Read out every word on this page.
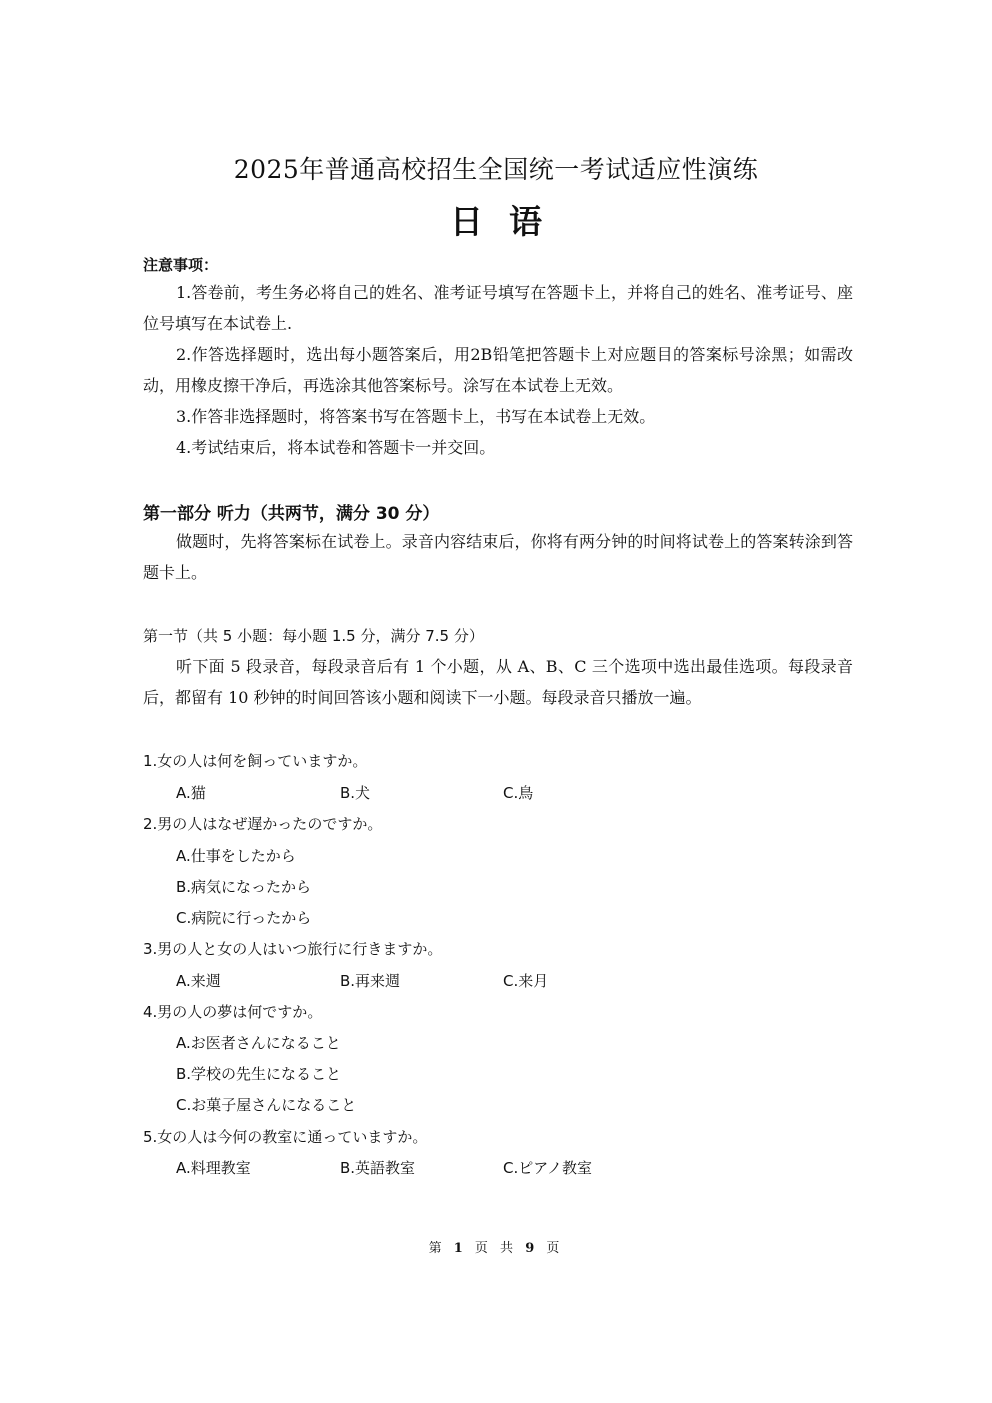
2025年普通高校招生全国统一考试适应性演练
日语
注意事项：
1.答卷前，考生务必将自己的姓名、准考证号填写在答题卡上，并将自己的姓名、准考证号、座位号填写在本试卷上.
2.作答选择题时，选出每小题答案后，用2B铅笔把答题卡上对应题目的答案标号涂黑；如需改动，用橡皮擦干净后，再选涂其他答案标号。涂写在本试卷上无效。
3.作答非选择题时，将答案书写在答题卡上，书写在本试卷上无效。
4.考试结束后，将本试卷和答题卡一并交回。
第一部分 听力（共两节，满分 30 分）
做题时，先将答案标在试卷上。录音内容结束后，你将有两分钟的时间将试卷上的答案转涂到答题卡上。
第一节（共 5 小题：每小题 1.5 分，满分 7.5 分）
听下面 5 段录音，每段录音后有 1 个小题，从 A、B、C 三个选项中选出最佳选项。每段录音后，都留有 10 秒钟的时间回答该小题和阅读下一小题。每段录音只播放一遍。
1.女の人は何を飼っていますか。
A.猫	B.犬	C.鳥
2.男の人はなぜ遅かったのですか。
A.仕事をしたから
B.病気になったから
C.病院に行ったから
3.男の人と女の人はいつ旅行に行きますか。
A.来週	B.再来週	C.来月
4.男の人の夢は何ですか。
A.お医者さんになること
B.学校の先生になること
C.お菓子屋さんになること
5.女の人は今何の教室に通っていますか。
A.料理教室	B.英語教室	C.ピアノ教室
第 1 页 共 9 页
